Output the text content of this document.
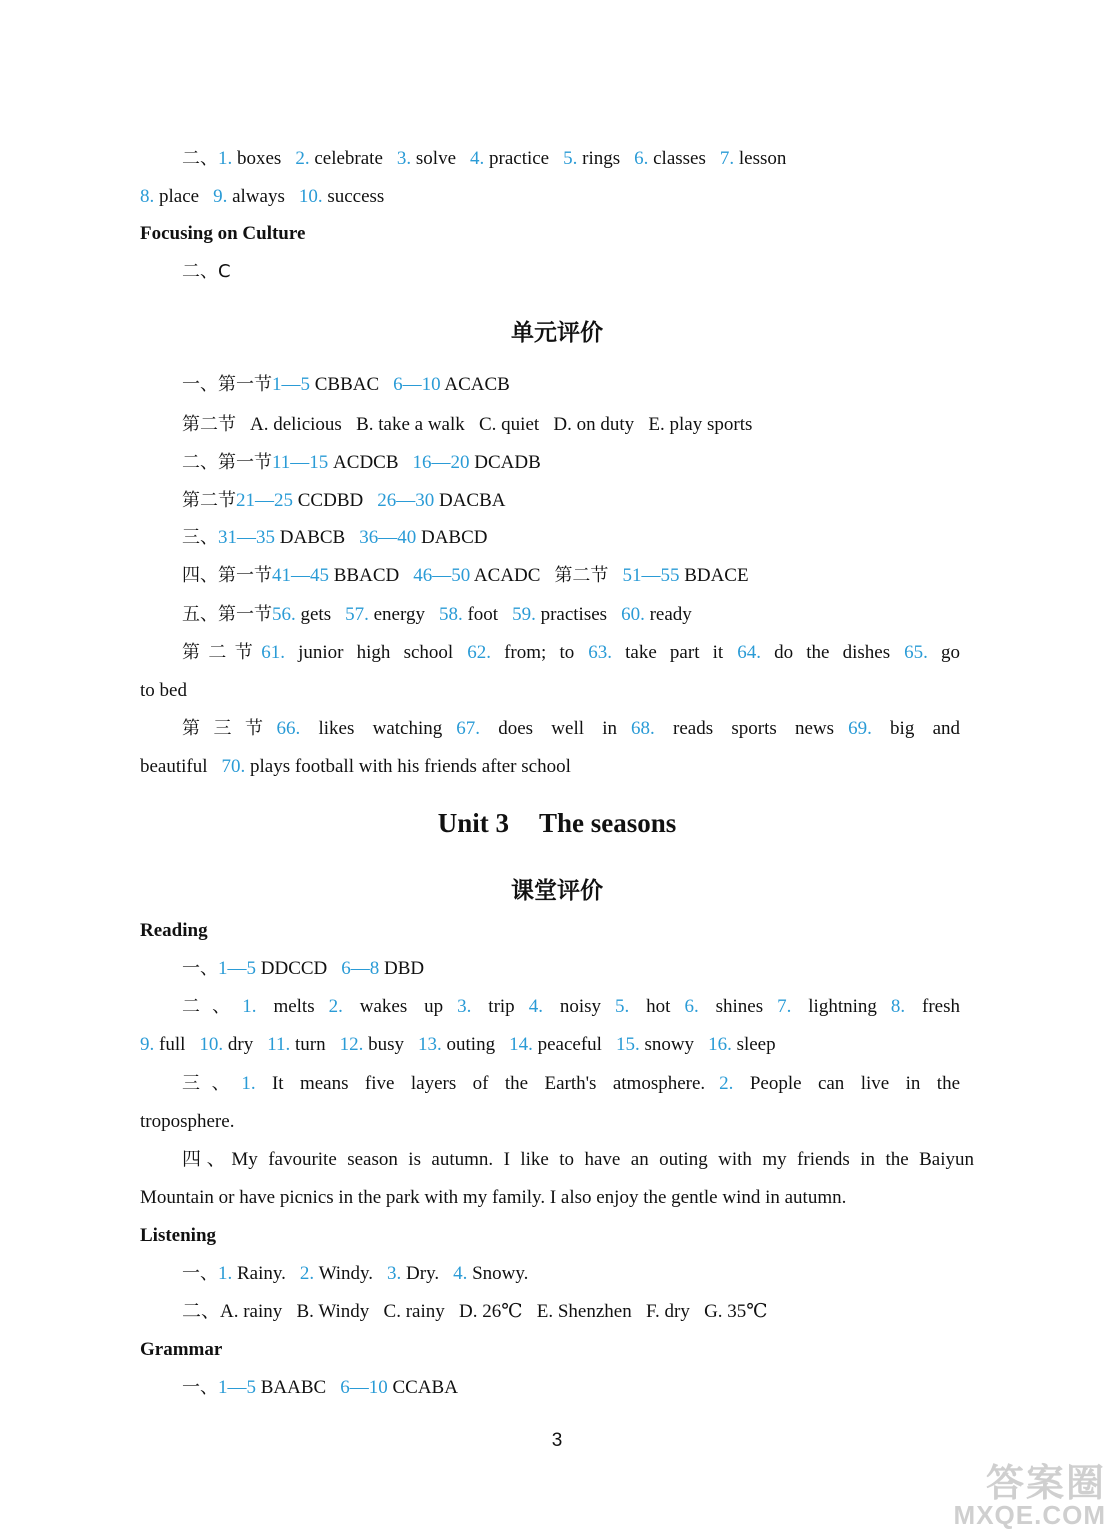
二、1. boxes 2. celebrate 3. solve 4. practice 5. rings 6. classes 7. lesson
8. place 9. always 10. success
Focusing on Culture
二、C
单元评价
一、第一节1—5 CBBAC 6—10 ACACB
第二节 A. delicious   B. take a walk   C. quiet   D. on duty   E. play sports
二、第一节11—15 ACDCB 16—20 DCADB
第二节21—25 CCDBD 26—30 DACBA
三、31—35 DABCB 36—40 DABCD
四、第一节41—45 BBACD 46—50 ACADC 第二节 51—55 BDACE
五、第一节56. gets 57. energy 58. foot 59. practises 60. ready
第二节61. junior high school 62. from; to 63. take part it 64. do the dishes 65. go
to bed
第三节66. likes watching 67. does well in 68. reads sports news 69. big and
beautiful 70. plays football with his friends after school
Unit 3 The seasons
课堂评价
Reading
一、1—5 DDCCD 6—8 DBD
二、1. melts 2. wakes up 3. trip 4. noisy 5. hot 6. shines 7. lightning 8. fresh
9. full 10. dry 11. turn 12. busy 13. outing 14. peaceful 15. snowy 16. sleep
三、1. It means five layers of the Earth's atmosphere. 2. People can live in the
troposphere.
四、My favourite season is autumn. I like to have an outing with my friends in the Baiyun
Mountain or have picnics in the park with my family. I also enjoy the gentle wind in autumn.
Listening
一、1. Rainy. 2. Windy. 3. Dry. 4. Snowy.
二、A. rainy   B. Windy   C. rainy   D. 26℃   E. Shenzhen   F. dry   G. 35℃
Grammar
一、1—5 BAABC 6—10 CCABA
3
答案圈
MXQE.COM
